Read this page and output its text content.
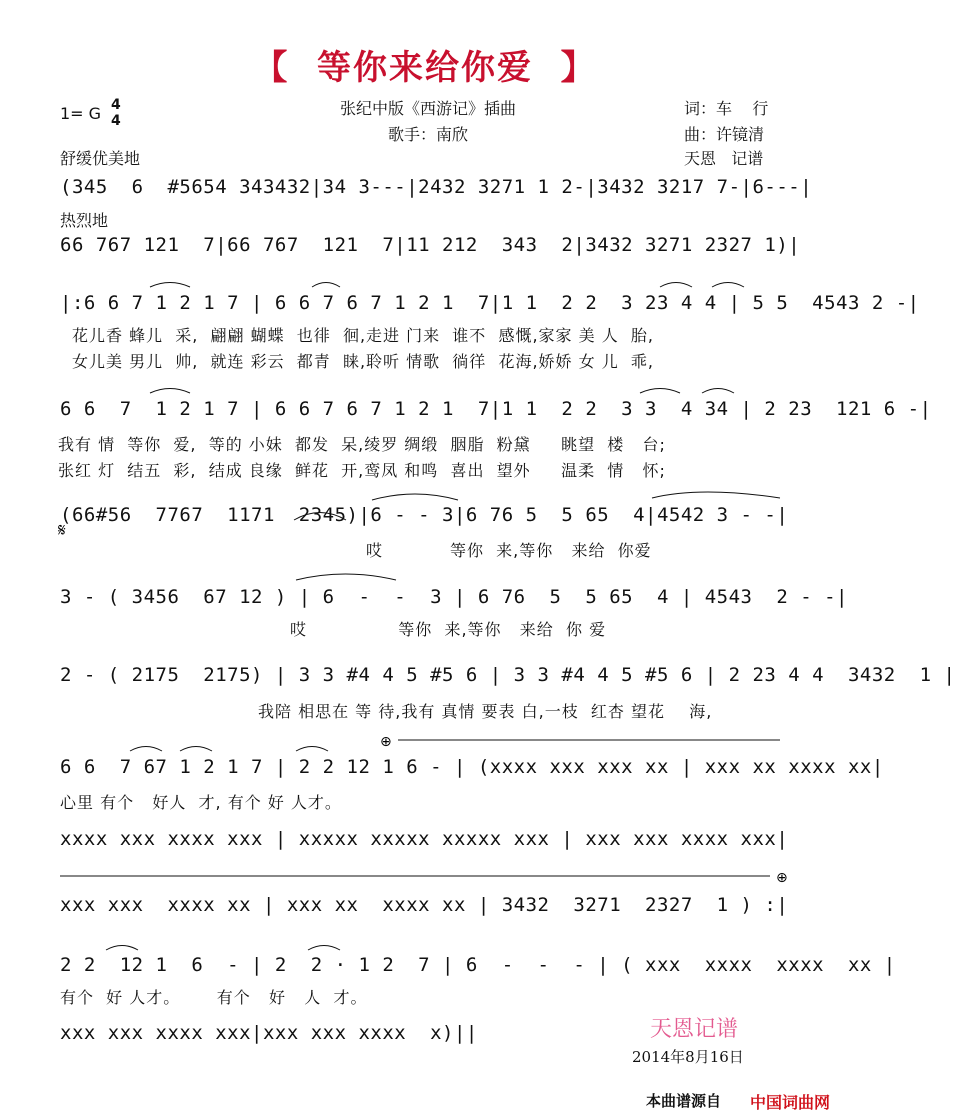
【  等你来给你爱  】
1= G 4
4
张纪中版《西游记》插曲
歌手：南欣
词：车    行
曲：许镜清
天恩   记谱
舒缓优美地
(345  6  #5654 343432|34 3---|2432 3271 1 2-|3432 3217 7-|6---|
热烈地
66 767 121  7|66 767  121  7|11 212  343  2|3432 3271 2327 1)|
|:6 6 7 1 2 1 7 | 6 6 7 6 7 1 2 1  7|1 1  2 2  3 23 4 4 | 5 5  4543 2 -|
花儿香 蜂儿  采,  翩翩 蝴蝶  也徘  徊,走进 门来  谁不  感慨,家家 美 人  胎,
女儿美 男儿  帅,  就连 彩云  都青  睐,聆听 情歌  徜徉  花海,娇娇 女 儿  乖,
6 6  7  1 2 1 7 | 6 6 7 6 7 1 2 1  7|1 1  2 2  3 3  4 34 | 2 23  121 6 -|
我有 情  等你  爱,  等的 小妹  都发  呆,绫罗 绸缎  胭脂  粉黛     眺望  楼   台;
张红 灯  结五  彩,  结成 良缘  鲜花  开,鸾凤 和鸣  喜出  望外     温柔  情   怀;
(66#56  7767  1171  2345)|6 - - 3|6 76 5  5 65  4|4542 3 - -|
哎           等你  来,等你   来给  你爱
3 - ( 3456  67 12 ) | 6  -  -  3 | 6 76  5  5 65  4 | 4543  2 - -|
哎               等你  来,等你   来给  你 爱
2 - ( 2175  2175) | 3 3 #4 4 5 #5 6 | 3 3 #4 4 5 #5 6 | 2 23 4 4  3432  1 |
我陪 相思在 等 待,我有 真情 要表 白,一枝  红杏 望花    海,
6 6  7 67 1 2 1 7 | 2 2 12 1 6 - | (xxxx xxx xxx xx | xxx xx xxxx xx|
心里 有个   好人  才, 有个 好 人才。
xxxx xxx xxxx xxx | xxxxx xxxxx xxxxx xxx | xxx xxx xxxx xxx|
xxx xxx  xxxx xx | xxx xx  xxxx xx | 3432  3271  2327  1 ) :|
2 2  12 1  6  - | 2  2 · 1 2  7 | 6  -  -  - | ( xxx  xxxx  xxxx  xx |
有个  好 人才。      有个   好   人  才。
xxx xxx xxxx xxx|xxx xxx xxxx  x)||	天恩记谱
2014年8月16日
本曲谱源自 中国词曲网
⊕
⊕
𝄋
